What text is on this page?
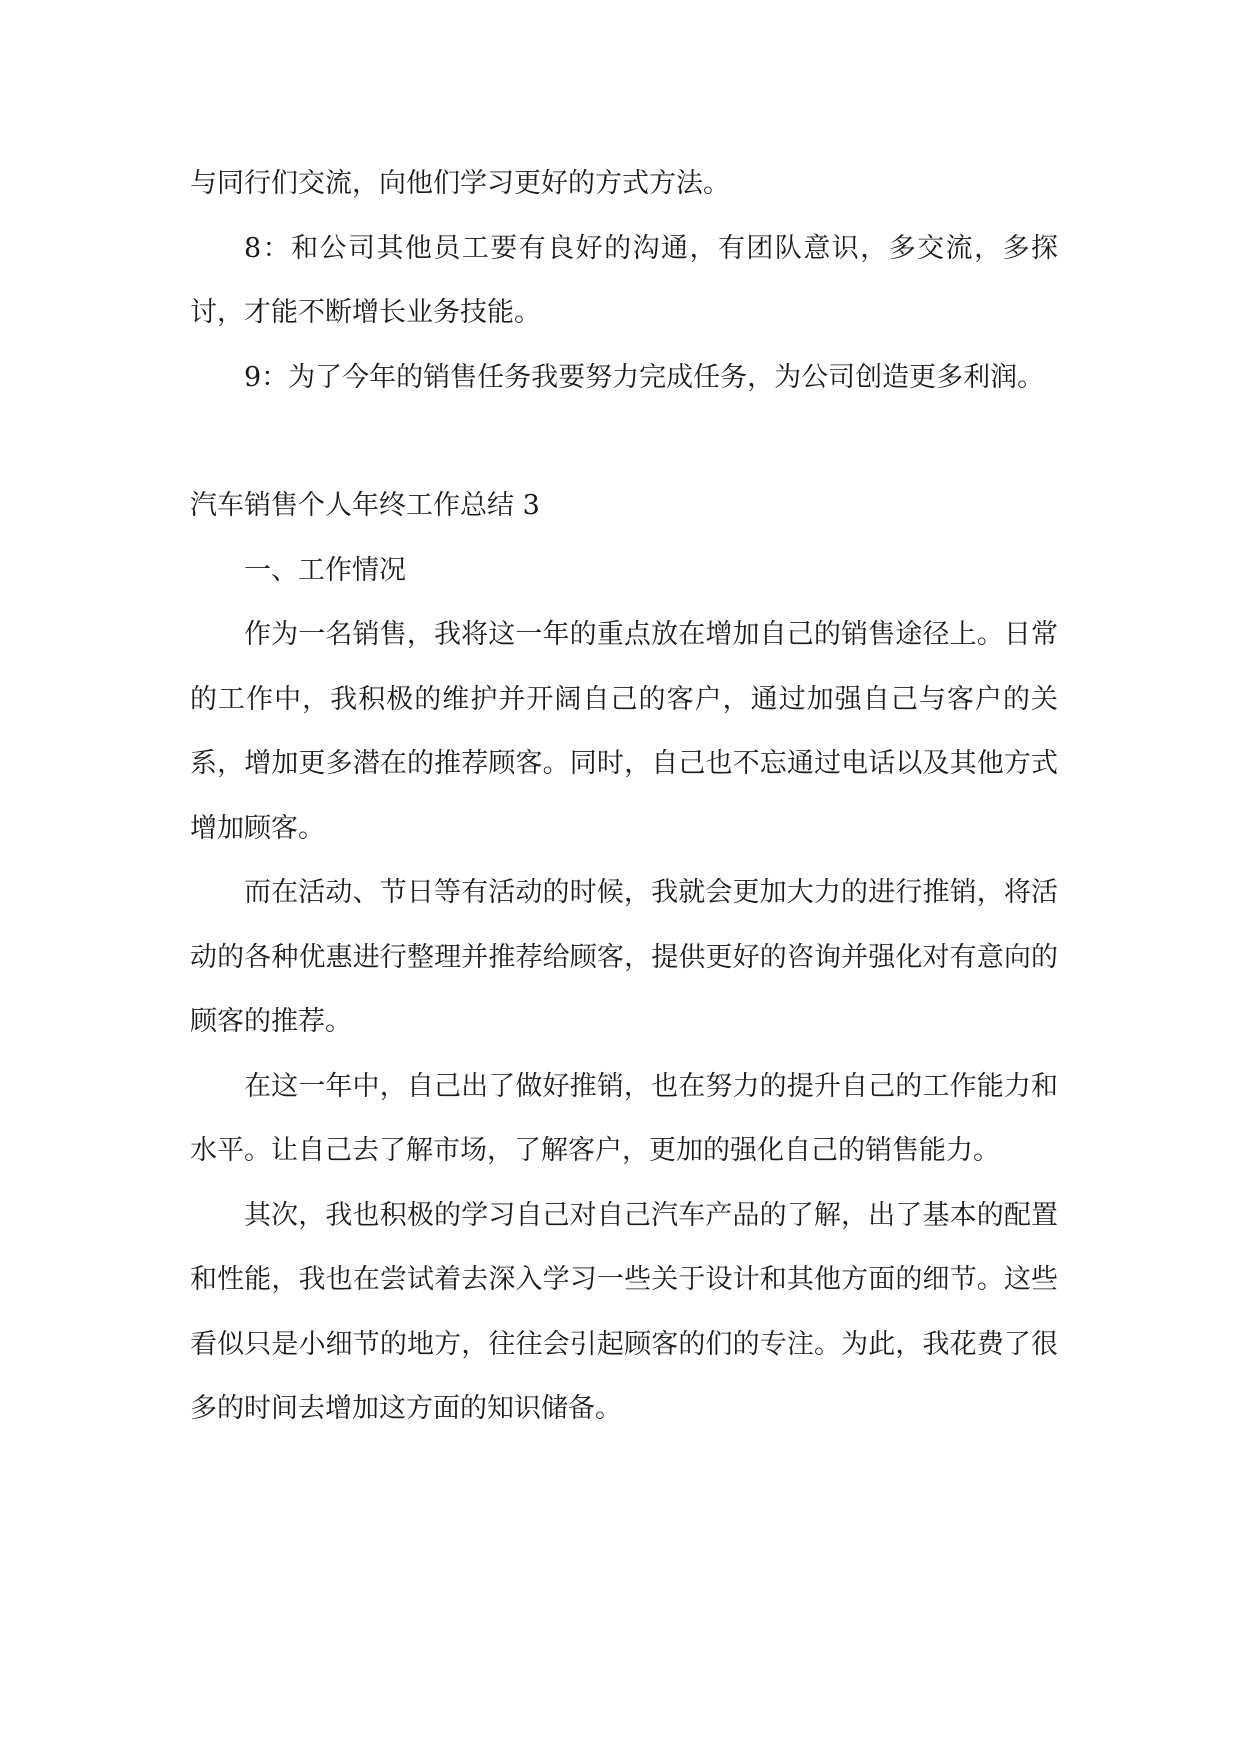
与同行们交流，向他们学习更好的方式方法。

8：和公司其他员工要有良好的沟通，有团队意识，多交流，多探讨，才能不断增长业务技能。

9：为了今年的销售任务我要努力完成任务，为公司创造更多利润。

汽车销售个人年终工作总结 3

一、工作情况

作为一名销售，我将这一年的重点放在增加自己的销售途径上。日常的工作中，我积极的维护并开阔自己的客户，通过加强自己与客户的关系，增加更多潜在的推荐顾客。同时，自己也不忘通过电话以及其他方式增加顾客。

而在活动、节日等有活动的时候，我就会更加大力的进行推销，将活动的各种优惠进行整理并推荐给顾客，提供更好的咨询并强化对有意向的顾客的推荐。

在这一年中，自己出了做好推销，也在努力的提升自己的工作能力和水平。让自己去了解市场，了解客户，更加的强化自己的销售能力。

其次，我也积极的学习自己对自己汽车产品的了解，出了基本的配置和性能，我也在尝试着去深入学习一些关于设计和其他方面的细节。这些看似只是小细节的地方，往往会引起顾客的们的专注。为此，我花费了很多的时间去增加这方面的知识储备。
